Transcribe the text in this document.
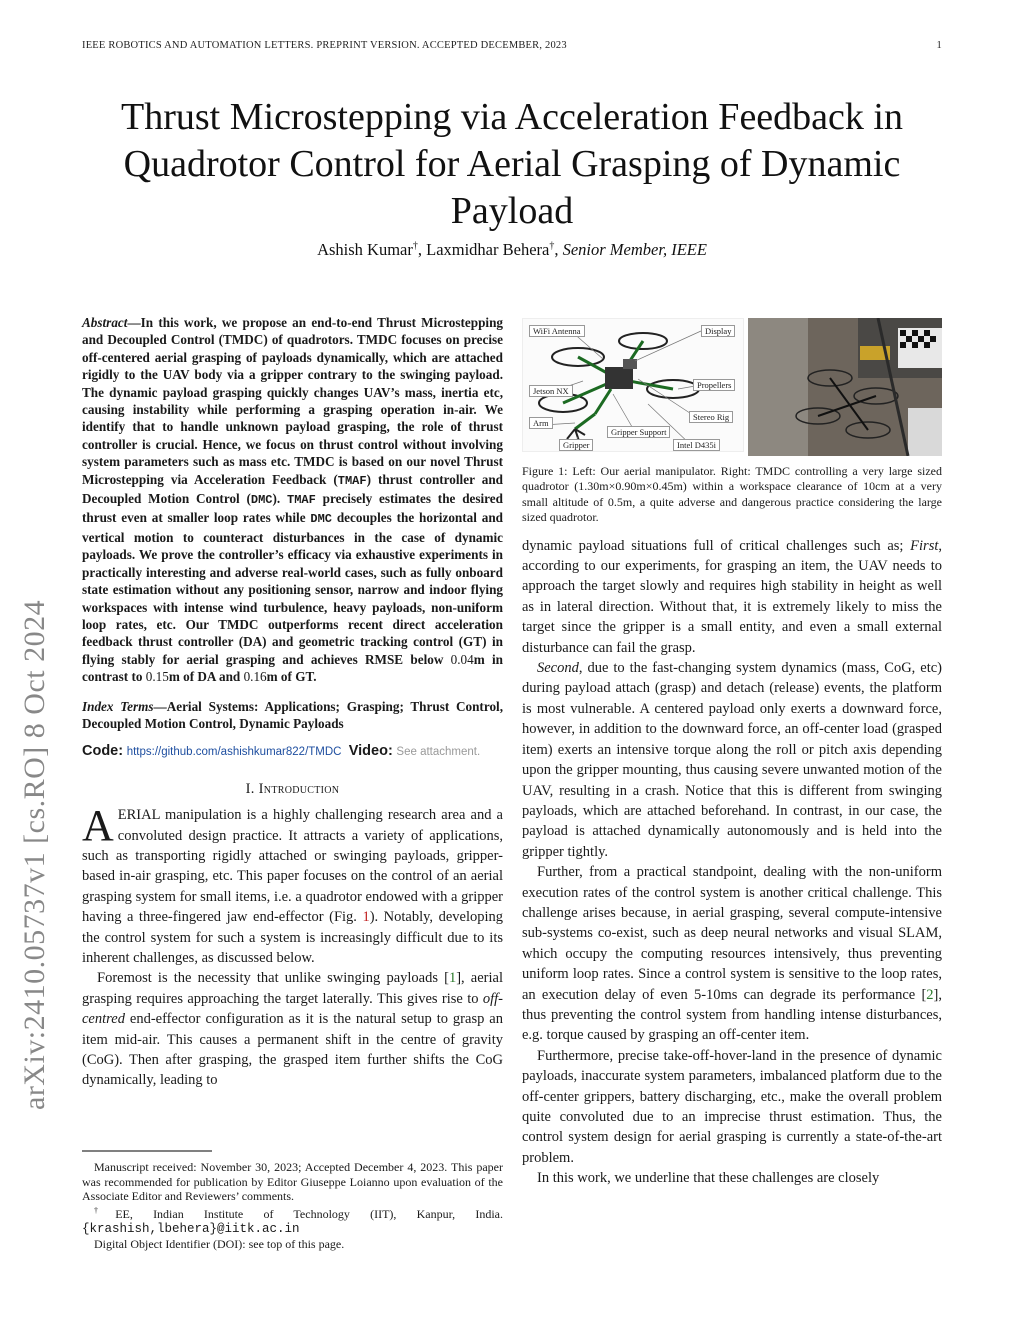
IEEE ROBOTICS AND AUTOMATION LETTERS. PREPRINT VERSION. ACCEPTED DECEMBER, 2023	1
Thrust Microstepping via Acceleration Feedback in Quadrotor Control for Aerial Grasping of Dynamic Payload
Ashish Kumar†, Laxmidhar Behera†, Senior Member, IEEE
arXiv:2410.05737v1 [cs.RO] 8 Oct 2024
Abstract—In this work, we propose an end-to-end Thrust Microstepping and Decoupled Control (TMDC) of quadrotors. TMDC focuses on precise off-centered aerial grasping of payloads dynamically, which are attached rigidly to the UAV body via a gripper contrary to the swinging payload. The dynamic payload grasping quickly changes UAV’s mass, inertia etc, causing instability while performing a grasping operation in-air. We identify that to handle unknown payload grasping, the role of thrust controller is crucial. Hence, we focus on thrust control without involving system parameters such as mass etc. TMDC is based on our novel Thrust Microstepping via Acceleration Feedback (TMAF) thrust controller and Decoupled Motion Control (DMC). TMAF precisely estimates the desired thrust even at smaller loop rates while DMC decouples the horizontal and vertical motion to counteract disturbances in the case of dynamic payloads. We prove the controller’s efficacy via exhaustive experiments in practically interesting and adverse real-world cases, such as fully onboard state estimation without any positioning sensor, narrow and indoor flying workspaces with intense wind turbulence, heavy payloads, non-uniform loop rates, etc. Our TMDC outperforms recent direct acceleration feedback thrust controller (DA) and geometric tracking control (GT) in flying stably for aerial grasping and achieves RMSE below 0.04m in contrast to 0.15m of DA and 0.16m of GT.
Index Terms—Aerial Systems: Applications; Grasping; Thrust Control, Decoupled Motion Control, Dynamic Payloads
Code: https://github.com/ashishkumar822/TMDC Video: See attachment.
I. Introduction

AERIAL manipulation is a highly challenging research area and a convoluted design practice. It attracts a variety of applications, such as transporting rigidly attached or swinging payloads, gripper-based in-air grasping, etc. This paper focuses on the control of an aerial grasping system for small items, i.e. a quadrotor endowed with a gripper having a three-fingered jaw end-effector (Fig. 1). Notably, developing the control system for such a system is increasingly difficult due to its inherent challenges, as discussed below.

Foremost is the necessity that unlike swinging payloads [1], aerial grasping requires approaching the target laterally. This gives rise to off-centred end-effector configuration as it is the natural setup to grasp an item mid-air. This causes a permanent shift in the centre of gravity (CoG). Then after grasping, the grasped item further shifts the CoG dynamically, leading to

Manuscript received: November 30, 2023; Accepted December 4, 2023. This paper was recommended for publication by Editor Giuseppe Loianno upon evaluation of the Associate Editor and Reviewers’ comments.

†EE, Indian Institute of Technology (IIT), Kanpur, India. {krashish,lbehera}@iitk.ac.in

Digital Object Identifier (DOI): see top of this page.

WiFi Antenna	Display
Jetson NX
Propellers
Arm
Stereo Rig
Gripper Support
Gripper	Intel D435i
Figure 1: Left: Our aerial manipulator. Right: TMDC controlling a very large sized quadrotor (1.30m×0.90m×0.45m) within a workspace clearance of 10cm at a very small altitude of 0.5m, a quite adverse and dangerous practice considering the large sized quadrotor.

dynamic payload situations full of critical challenges such as; First, according to our experiments, for grasping an item, the UAV needs to approach the target slowly and requires high stability in height as well as in lateral direction. Without that, it is extremely likely to miss the target since the gripper is a small entity, and even a small external disturbance can fail the grasp.

Second, due to the fast-changing system dynamics (mass, CoG, etc) during payload attach (grasp) and detach (release) events, the platform is most vulnerable. A centered payload only exerts a downward force, however, in addition to the downward force, an off-center load (grasped item) exerts an intensive torque along the roll or pitch axis depending upon the gripper mounting, thus causing severe unwanted motion of the UAV, resulting in a crash. Notice that this is different from swinging payloads, which are attached beforehand. In contrast, in our case, the payload is attached dynamically autonomously and is held into the gripper tightly.

Further, from a practical standpoint, dealing with the non-uniform execution rates of the control system is another critical challenge. This challenge arises because, in aerial grasping, several compute-intensive sub-systems co-exist, such as deep neural networks and visual SLAM, which occupy the computing resources intensively, thus preventing uniform loop rates. Since a control system is sensitive to the loop rates, an execution delay of even 5-10ms can degrade its performance [2], thus preventing the control system from handling intense disturbances, e.g. torque caused by grasping an off-center item.

Furthermore, precise take-off-hover-land in the presence of dynamic payloads, inaccurate system parameters, imbalanced platform due to the off-center grippers, battery discharging, etc., make the overall problem quite convoluted due to an imprecise thrust estimation. Thus, the control system design for aerial grasping is currently a state-of-the-art problem.

In this work, we underline that these challenges are closely
